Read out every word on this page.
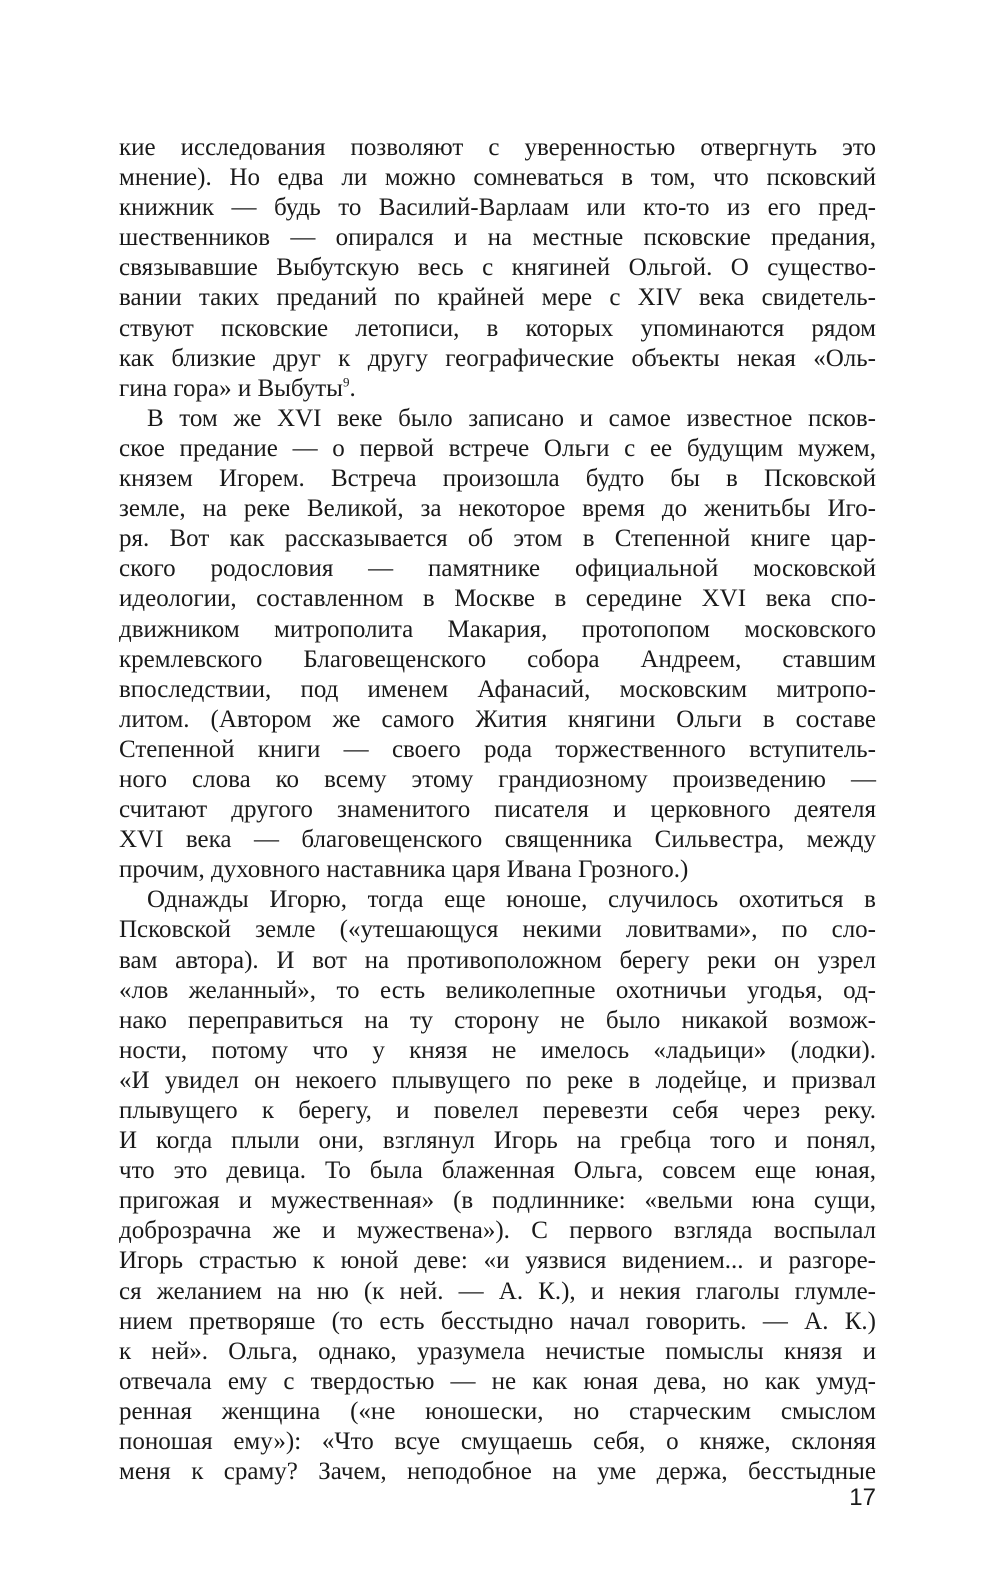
кие исследования позволяют с уверенностью отвергнуть это
мнение). Но едва ли можно сомневаться в том, что псковский
книжник — будь то Василий-Варлаам или кто-то из его пред-
шественников — опирался и на местные псковские предания,
связывавшие Выбутскую весь с княгиней Ольгой. О существо-
вании таких преданий по крайней мере с XIV века свидетель-
ствуют псковские летописи, в которых упоминаются рядом
как близкие друг к другу географические объекты некая «Оль-
гина гора» и Выбуты$^9$.
В том же XVI веке было записано и самое известное псков-
ское предание — о первой встрече Ольги с ее будущим мужем,
князем Игорем. Встреча произошла будто бы в Псковской
земле, на реке Великой, за некоторое время до женитьбы Иго-
ря. Вот как рассказывается об этом в Степенной книге цар-
ского родословия — памятнике официальной московской
идеологии, составленном в Москве в середине XVI века спо-
движником митрополита Макария, протопопом московского
кремлевского Благовещенского собора Андреем, ставшим
впоследствии, под именем Афанасий, московским митропо-
литом. (Автором же самого Жития княгини Ольги в составе
Степенной книги — своего рода торжественного вступитель-
ного слова ко всему этому грандиозному произведению —
считают другого знаменитого писателя и церковного деятеля
XVI века — благовещенского священника Сильвестра, между
прочим, духовного наставника царя Ивана Грозного.)
Однажды Игорю, тогда еще юноше, случилось охотиться в
Псковской земле («утешающуся некими ловитвами», по сло-
вам автора). И вот на противоположном берегу реки он узрел
«лов желанный», то есть великолепные охотничьи угодья, од-
нако переправиться на ту сторону не было никакой возмож-
ности, потому что у князя не имелось «ладьици» (лодки).
«И увидел он некоего плывущего по реке в лодейце, и призвал
плывущего к берегу, и повелел перевезти себя через реку.
И когда плыли они, взглянул Игорь на гребца того и понял,
что это девица. То была блаженная Ольга, совсем еще юная,
пригожая и мужественная» (в подлиннике: «вельми юна сущи,
доброзрачна же и мужествена»). С первого взгляда воспылал
Игорь страстью к юной деве: «и уязвися видением... и разгоре-
ся желанием на ню (к ней. — А. К.), и некия глаголы глумле-
нием претворяше (то есть бесстыдно начал говорить. — А. К.)
к ней». Ольга, однако, уразумела нечистые помыслы князя и
отвечала ему с твердостью — не как юная дева, но как умуд-
ренная женщина («не юношески, но старческим смыслом
поношая ему»): «Что всуе смущаешь себя, о княже, склоняя
меня к сраму? Зачем, неподобное на уме держа, бесстыдные
17
